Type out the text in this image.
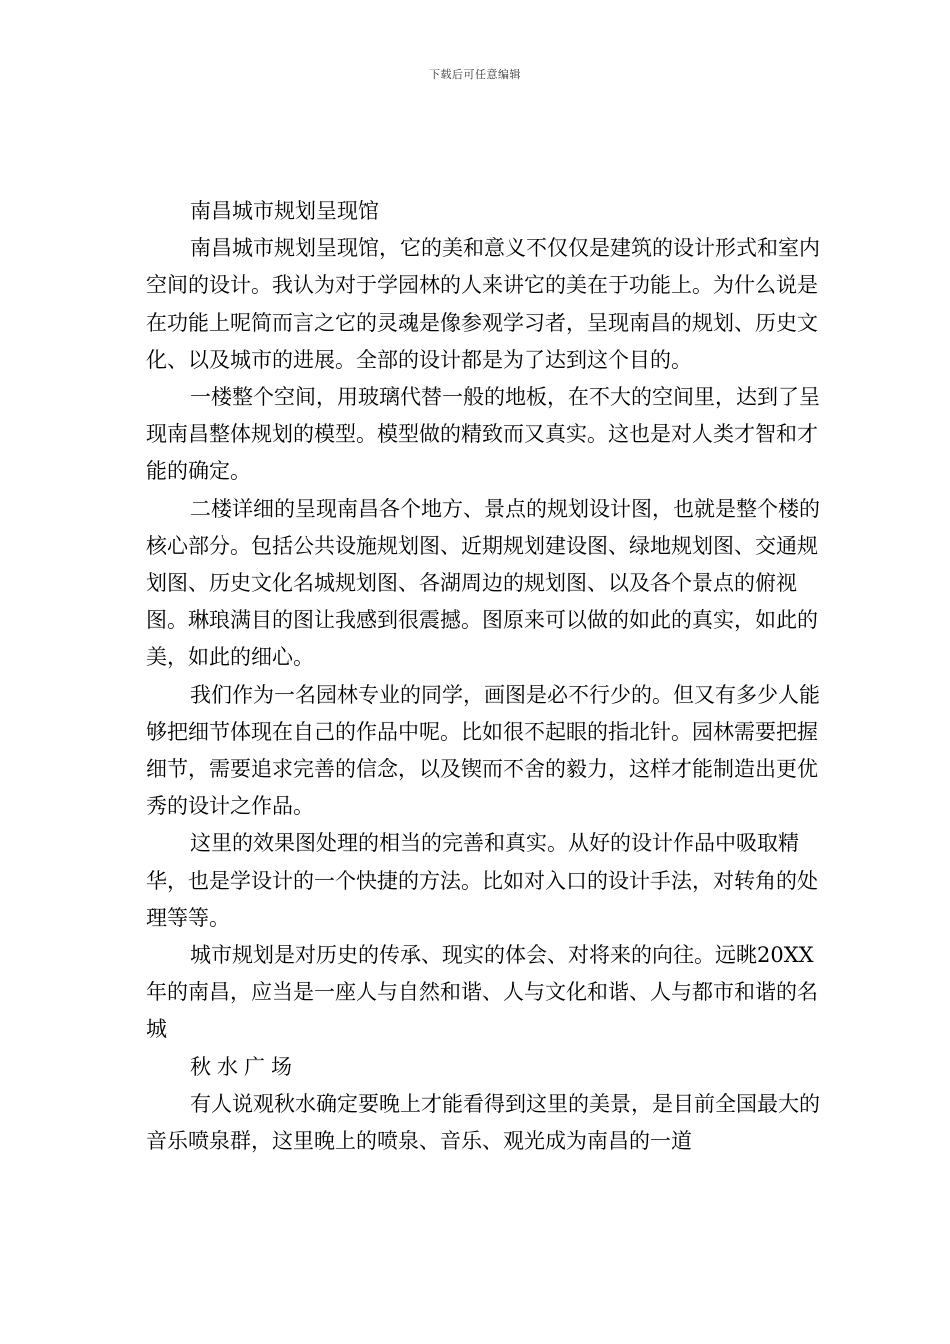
下载后可任意编辑

南昌城市规划呈现馆

南昌城市规划呈现馆，它的美和意义不仅仅是建筑的设计形式和室内空间的设计。我认为对于学园林的人来讲它的美在于功能上。为什么说是在功能上呢简而言之它的灵魂是像参观学习者，呈现南昌的规划、历史文化、以及城市的进展。全部的设计都是为了达到这个目的。

一楼整个空间，用玻璃代替一般的地板，在不大的空间里，达到了呈现南昌整体规划的模型。模型做的精致而又真实。这也是对人类才智和才能的确定。

二楼详细的呈现南昌各个地方、景点的规划设计图，也就是整个楼的核心部分。包括公共设施规划图、近期规划建设图、绿地规划图、交通规划图、历史文化名城规划图、各湖周边的规划图、以及各个景点的俯视图。琳琅满目的图让我感到很震撼。图原来可以做的如此的真实，如此的美，如此的细心。

我们作为一名园林专业的同学，画图是必不行少的。但又有多少人能够把细节体现在自己的作品中呢。比如很不起眼的指北针。园林需要把握细节，需要追求完善的信念，以及锲而不舍的毅力，这样才能制造出更优秀的设计之作品。

这里的效果图处理的相当的完善和真实。从好的设计作品中吸取精华，也是学设计的一个快捷的方法。比如对入口的设计手法，对转角的处理等等。

城市规划是对历史的传承、现实的体会、对将来的向往。远眺20XX年的南昌，应当是一座人与自然和谐、人与文化和谐、人与都市和谐的名城

秋水广场

有人说观秋水确定要晚上才能看得到这里的美景，是目前全国最大的音乐喷泉群，这里晚上的喷泉、音乐、观光成为南昌的一道
